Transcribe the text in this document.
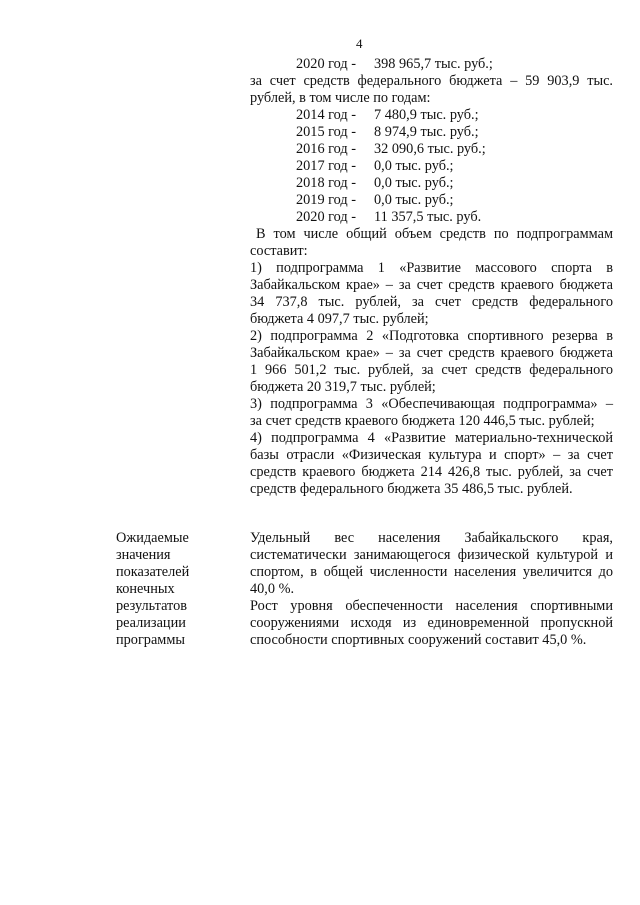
4
2020 год -	398 965,7 тыс. руб.;
за счет средств федерального бюджета – 59 903,9 тыс.
рублей, в том числе по годам:
2014 год -	7 480,9 тыс. руб.;
2015 год -	8 974,9 тыс. руб.;
2016 год -	32 090,6 тыс. руб.;
2017 год -	0,0 тыс. руб.;
2018 год -	0,0 тыс. руб.;
2019 год -	0,0 тыс. руб.;
2020 год -	11 357,5 тыс. руб.
В том числе общий объем средств по подпрограммам
составит:
1) подпрограмма 1 «Развитие массового спорта в
Забайкальском крае» – за счет средств краевого бюджета
34 737,8 тыс. рублей, за счет средств федерального
бюджета 4 097,7 тыс. рублей;
2) подпрограмма 2 «Подготовка спортивного резерва в
Забайкальском крае» – за счет средств краевого бюджета
1 966 501,2 тыс. рублей, за счет средств федерального
бюджета 20 319,7 тыс. рублей;
3) подпрограмма 3 «Обеспечивающая подпрограмма» –
за счет средств краевого бюджета 120 446,5 тыс. рублей;
4) подпрограмма 4 «Развитие материально-технической
базы отрасли «Физическая культура и спорт» – за счет
средств краевого бюджета 214 426,8 тыс. рублей, за счет
средств федерального бюджета 35 486,5 тыс. рублей.
Ожидаемые
значения
показателей
конечных
результатов
реализации
программы
Удельный вес населения Забайкальского края,
систематически занимающегося физической культурой и
спортом, в общей численности населения увеличится до
40,0 %.
Рост уровня обеспеченности населения спортивными
сооружениями исходя из единовременной пропускной
способности спортивных сооружений составит 45,0 %.
